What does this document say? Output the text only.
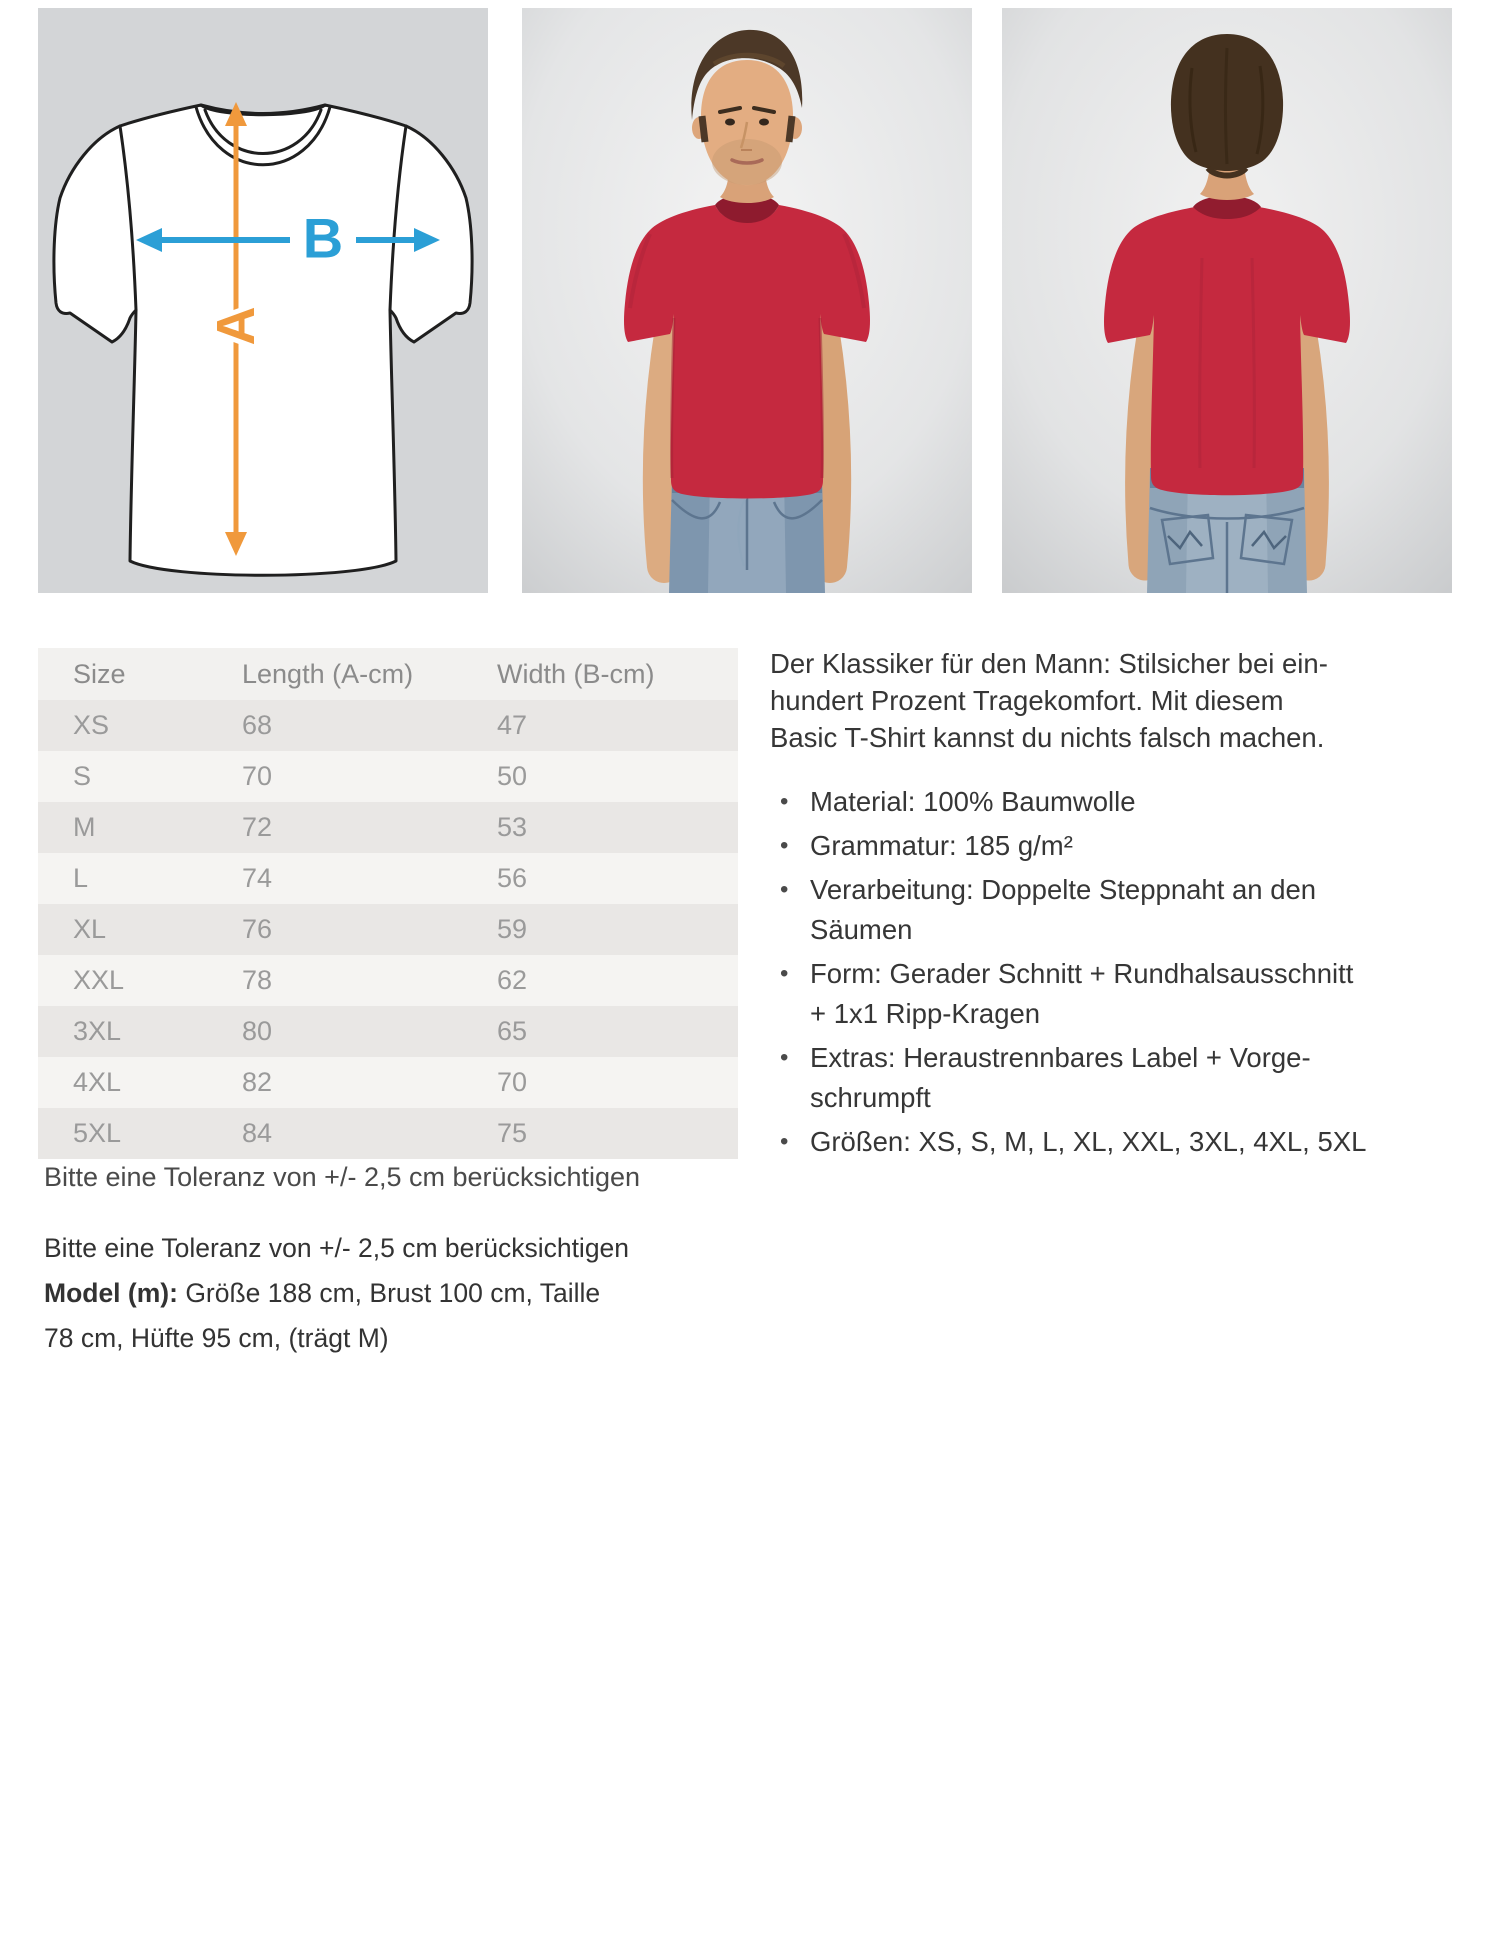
A
B
Size	Length (A-cm)	Width (B-cm)
XS	68	47
S	70	50
M	72	53
L	74	56
XL	76	59
XXL	78	62
3XL	80	65
4XL	82	70
5XL	84	75
Bitte eine Toleranz von +/- 2,5 cm berücksichtigen
Bitte eine Toleranz von +/- 2,5 cm berücksichtigen
Model (m): Größe 188 cm, Brust 100 cm, Taille
78 cm, Hüfte 95 cm, (trägt M)
Der Klassiker für den Mann: Stilsicher bei ein-
hundert Prozent Tragekomfort. Mit diesem
Basic T-Shirt kannst du nichts falsch machen.
• Material: 100% Baumwolle
• Grammatur: 185 g/m²
• Verarbeitung: Doppelte Steppnaht an den
Säumen
• Form: Gerader Schnitt + Rundhalsausschnitt
+ 1x1 Ripp-Kragen
• Extras: Heraustrennbares Label + Vorge-
schrumpft
• Größen: XS, S, M, L, XL, XXL, 3XL, 4XL, 5XL
